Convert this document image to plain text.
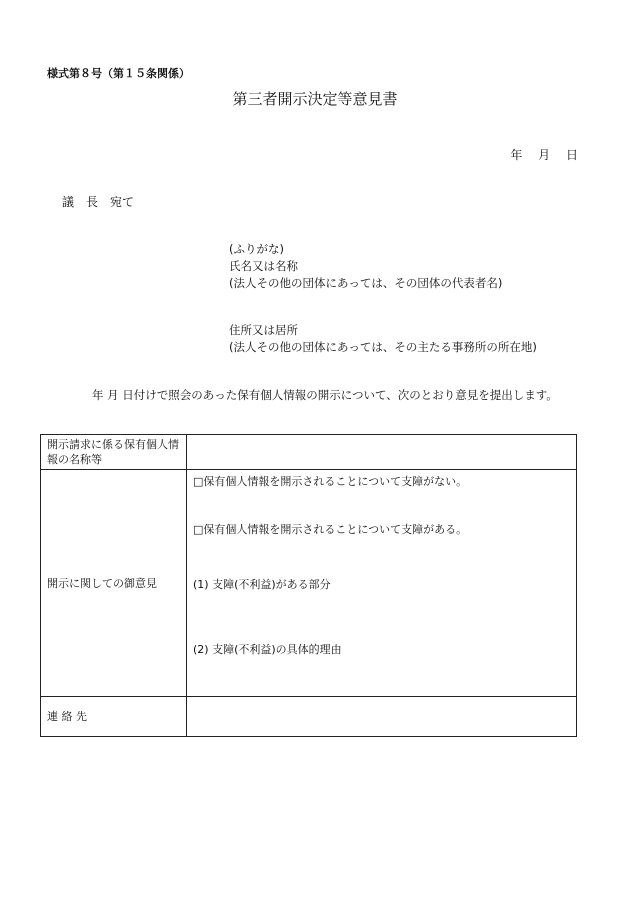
様式第８号（第１５条関係）
第三者開示決定等意見書
年 月 日
議　長　宛て
(ふりがな)
氏名又は名称
(法人その他の団体にあっては、その団体の代表者名)
住所又は居所
(法人その他の団体にあっては、その主たる事務所の所在地)
年 月 日付けで照会のあった保有個人情報の開示について、次のとおり意見を提出します。
開示請求に係る保有個人情報の名称等	
開示に関しての御意見	□保有個人情報を開示されることについて支障がない。
□保有個人情報を開示されることについて支障がある。
(1) 支障(不利益)がある部分
(2) 支障(不利益)の具体的理由

連 絡 先	
